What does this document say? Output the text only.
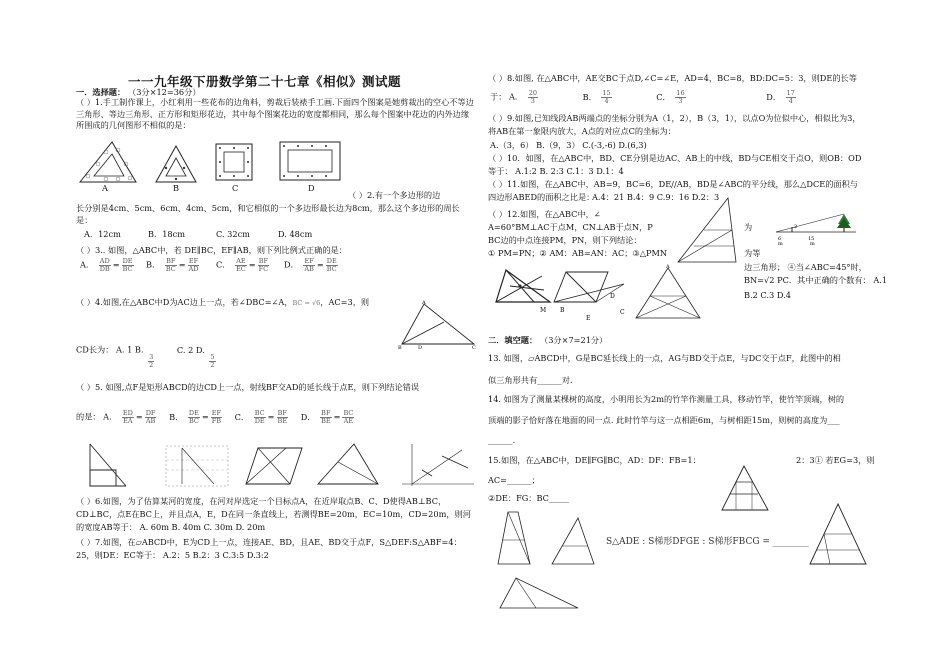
一一九年级下册数学第二十七章《相似》测试题
一．选择题： （3分×12=36分）
（ ）1.手工制作课上，小红利用一些花布的边角料，剪裁后装裱手工画.下面四个图案是她剪裁出的空心不等边三角形、等边三角形、正方形和矩形花边，其中每个图案花边的宽度都相同，那么每个图案中花边的内外边缘所围成的几何图形不相似的是：
A	B	C	D
（ ）2.有一个多边形的边
长分别是4cm、5cm、6cm、4cm、5cm，和它相似的一个多边形最长边为8cm，那么这个多边形的周长是：
A．12cm	B．18cm	C. 32cm	D. 48cm
（ ）3.. 如图，△ABC中，若 DE∥BC，EF∥AB，则下列比例式正确的是：
A． $\frac{AD}{DB} = \frac{DE}{BC}$ B． $\frac{BF}{BC} = \frac{EF}{AD}$ C． $\frac{AE}{EC} = \frac{BF}{FC}$ D． $\frac{EF}{AB} = \frac{DE}{BC}$
（ ）4.如图,在△ABC中D为AC边上一点，若∠DBC=∠A，BC = √6，AC=3，则
CD长为： A. 1 B.
$\frac{3}{2}$
C. 2 D.
$\frac{5}{2}$
A
B	D	C
（ ）5. 如图,点F是矩形ABCD的边CD上一点，射线BF交AD的延长线于点E，则下列结论错误
的是： A． $\frac{ED}{EA} = \frac{DF}{AB}$ B． $\frac{DE}{BC} = \frac{EF}{FB}$ C． $\frac{BC}{DE} = \frac{BF}{BE}$ D． $\frac{BF}{BE} = \frac{BC}{AE}$
（ ）6.如图，为了估算某河的宽度，在河对岸选定一个目标点A，在近岸取点B、C、D使得AB⊥BC，CD⊥BC，点E在BC上，并且点A，E，D在同一条直线上，若测得BE=20m，EC=10m，CD=20m，则河的宽度AB等于： A. 60m B. 40m C. 30m D. 20m
（ ）7.如图，在▱ABCD中，E为CD上一点，连接AE、BD，且AE、BD交于点F，S△DEF:S△ABF=4：25，则DE：EC等于： A.2：5 B.2：3 C.3:5 D.3:2
（ ）8.如图, 在△ABC中，AE交BC于点D,∠C=∠E，AD=4，BC=8，BD:DC=5：3，则DE的长等
于： A． $\frac{20}{3}$	B． $\frac{15}{4}$	C． $\frac{16}{3}$	D． $\frac{17}{4}$
（ ）9.如图,已知线段AB两端点的坐标分别为A（1，2），B（3，1），以点O为位似中心，相似比为3，将AB在第一象限内放大，A点的对应点C的坐标为：
A.（3，6） B.（9，3） C.(-3,-6) D.(6,3)
（ ）10．如图，在△ABC中，BD、CE分别是边AC、AB上的中线，BD与CE相交于点O，则OB：OD等于： A.1:2 B. 2:3 C.1：3 D.1：4
（ ）11.如图，在△ABC中，AB=9，BC=6，DE//AB，BD是∠ABC的平分线，那么△DCE的面积与四边形ABED的面积之比是：
A.4：21 B.4：9 C.9：16 D.2：3
（ ）12.如图，在△ABC中，∠
A=60°BM⊥AC于点M，CN⊥AB于点N，P
BC边的中点连接PM，PN，则下列结论：
① PM=PN；② AM：AB=AN：AC；③△PMN
为
为等
边三角形； ④当∠ABC=45°时，
BN=√2 PC．其中正确的个数有： A.1
B.2 C.3 D.4
6
m
15
m
2
B
M
D
E
C
A
二．填空题： （3分×7=21分）
13. 如图，▱ABCD中，G是BC延长线上的一点，AG与BD交于点E，与DC交于点F，此图中的相
似三角形共有______对.
14. 如图为了测量某棵树的高度，小明用长为2m的竹竿作测量工具，移动竹竿，使竹竿顶端，树的
顶端的影子恰好落在地面的同一点. 此时竹竿与这一点相距6m，与树相距15m，则树的高度为___
______.
15.如图，在△ABC中，DE∥FG∥BC，AD：DF：FB=1：	2：3① 若EG=3，则
AC=______；
②DE：FG：BC_____
S△ADE : S梯形DFGE : S梯形FBCG = ________
